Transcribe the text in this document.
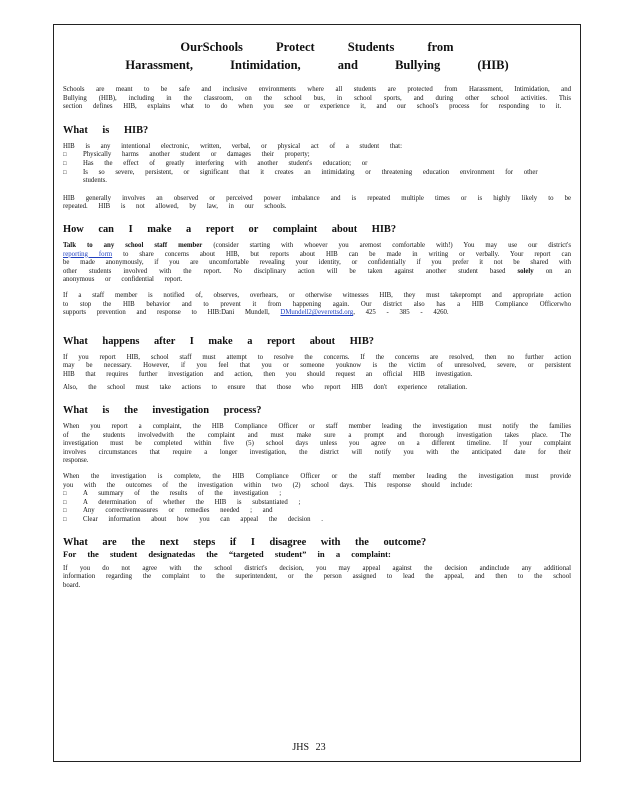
OurSchools Protect Students from
Harassment, Intimidation, and Bullying (HIB)

Schools are meant to be safe and inclusive environments where all students are protected from Harassment, Intimidation, and Bullying (HIB), including in the classroom, on the school bus, in school sports, and during other school activities. This section defines HIB, explains what to do when you see or experience it, and our school's process for responding to it.

What is HIB?

HIB is any intentional electronic, written, verbal, or physical act of a student that:

□ Physically harms another student or damages their property;
□ Has the effect of greatly interfering with another student's education; or
□ Is so severe, persistent, or significant that it creates an intimidating or threatening education environment for other students.

HIB generally involves an observed or perceived power imbalance and is repeated multiple times or is highly likely to be repeated. HIB is not allowed, by law, in our schools.

How can I make a report or complaint about HIB?

Talk to any school staff member (consider starting with whoever you aremost comfortable with!) You may use our district's reporting form to share concerns about HIB, but reports about HIB can be made in writing or verbally. Your report can be made anonymously, if you are uncomfortable revealing your identity, or confidentially if you prefer it not be shared with other students involved with the report. No disciplinary action will be taken against another student based solely on an anonymous or confidential report.

If a staff member is notified of, observes, overhears, or otherwise witnesses HIB, they must takeprompt and appropriate action to stop the HIB behavior and to prevent it from happening again. Our district also has a HIB Compliance Officerwho supports prevention and response to HIB:Dani Mundell, DMundell2@everettsd.org, 425 - 385 - 4260.

What happens after I make a report about HIB?

If you report HIB, school staff must attempt to resolve the concerns. If the concerns are resolved, then no further action may be necessary. However, if you feel that you or someone youknow is the victim of unresolved, severe, or persistent HIB that requires further investigation and action, then you should request an official HIB investigation.

Also, the school must take actions to ensure that those who report HIB don't experience retaliation.

What is the investigation process?

When you report a complaint, the HIB Compliance Officer or staff member leading the investigation must notify the families of the students involvedwith the complaint and must make sure a prompt and thorough investigation takes place. The investigation must be completed within five (5) school days unless you agree on a different timeline. If your complaint involves circumstances that require a longer investigation, the district will notify you with the anticipated date for their response.

When the investigation is complete, the HIB Compliance Officer or the staff member leading the investigation must provide you with the outcomes of the investigation within two (2) school days. This response should include:

□ A summary of the results of the investigation ;
□ A determination of whether the HIB is substantiated ;
□ Any correctivemeasures or remedies needed ; and
□ Clear information about how you can appeal the decision .
What are the next steps if I disagree with the outcome?
For the student designatedas the “targeted student” in a complaint:

If you do not agree with the school district's decision, you may appeal against the decision andinclude any additional information regarding the complaint to the superintendent, or the person assigned to lead the appeal, and then to the school board.

JHS 23
